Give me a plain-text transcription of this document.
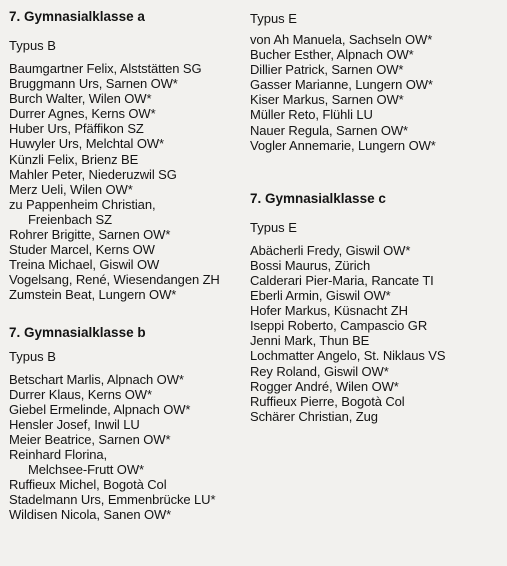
7. Gymnasialklasse a
Typus B
Baumgartner Felix, Alststätten SG
Bruggmann Urs, Sarnen OW*
Burch Walter, Wilen OW*
Durrer Agnes, Kerns OW*
Huber Urs, Pfäffikon SZ
Huwyler Urs, Melchtal OW*
Künzli Felix, Brienz BE
Mahler Peter, Niederuzwil SG
Merz Ueli, Wilen OW*
zu Pappenheim Christian,
Freienbach SZ
Rohrer Brigitte, Sarnen OW*
Studer Marcel, Kerns OW
Treina Michael, Giswil OW
Vogelsang, René, Wiesendangen ZH
Zumstein Beat, Lungern OW*
7. Gymnasialklasse b
Typus B
Betschart Marlis, Alpnach OW*
Durrer Klaus, Kerns OW*
Giebel Ermelinde, Alpnach OW*
Hensler Josef, Inwil LU
Meier Beatrice, Sarnen OW*
Reinhard Florina,
Melchsee-Frutt OW*
Ruffieux Michel, Bogotà Col
Stadelmann Urs, Emmenbrücke LU*
Wildisen Nicola, Sanen OW*
Typus E
von Ah Manuela, Sachseln OW*
Bucher Esther, Alpnach OW*
Dillier Patrick, Sarnen OW*
Gasser Marianne, Lungern OW*
Kiser Markus, Sarnen OW*
Müller Reto, Flühli LU
Nauer Regula, Sarnen OW*
Vogler Annemarie, Lungern OW*
7. Gymnasialklasse c
Typus E
Abächerli Fredy, Giswil OW*
Bossi Maurus, Zürich
Calderari Pier-Maria, Rancate TI
Eberli Armin, Giswil OW*
Hofer Markus, Küsnacht ZH
Iseppi Roberto, Campascio GR
Jenni Mark, Thun BE
Lochmatter Angelo, St. Niklaus VS
Rey Roland, Giswil OW*
Rogger André, Wilen OW*
Ruffieux Pierre, Bogotà Col
Schärer Christian, Zug
